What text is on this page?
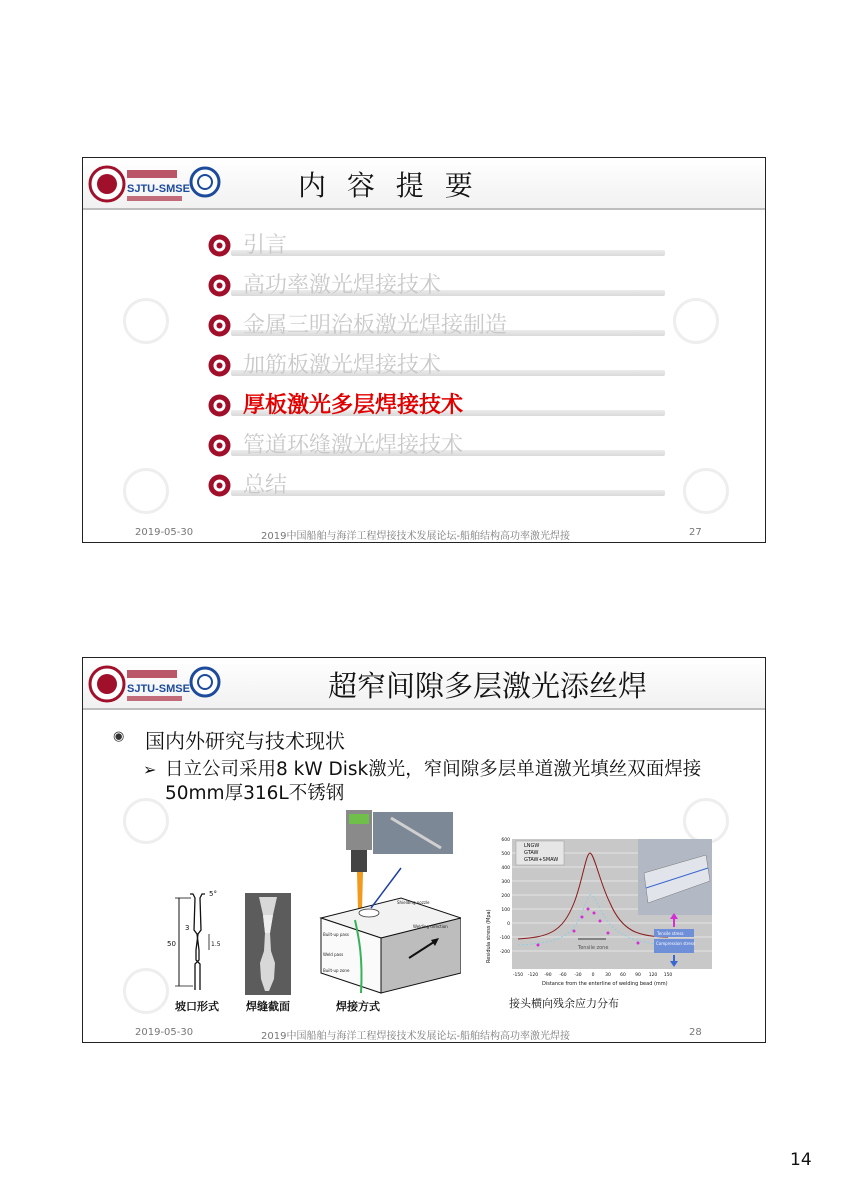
SJTU-SMSE	内 容 提 要
引言
高功率激光焊接技术
金属三明治板激光焊接制造
加筋板激光焊接技术
厚板激光多层焊接技术
管道环缝激光焊接技术
总结
2019-05-30	2019中国船舶与海洋工程焊接技术发展论坛-船舶结构高功率激光焊接	27
SJTU-SMSE	超窄间隙多层激光添丝焊
◉ 国内外研究与技术现状
➢ 日立公司采用8 kW Disk激光，窄间隙多层单道激光填丝双面焊接50mm厚316L不锈钢
5°
50
3
1.5
坡口形式 焊缝截面
Shielding nozzle
Welding direction
Built-up pass
Weld pass
Built-up zone
焊接方式
Tensile zone
LNGW
GTAW
GTAW+SMAW
Residula stress (Mpa)
Distance from the enterline of welding bead (mm)
600
500
400
300
200
100
0
-100
-200
-150 -120 -90 -60 -30 0 30 60 90 120 150
Tensile stress
Compression stress
接头横向残余应力分布
2019-05-30	2019中国船舶与海洋工程焊接技术发展论坛-船舶结构高功率激光焊接	28
14
